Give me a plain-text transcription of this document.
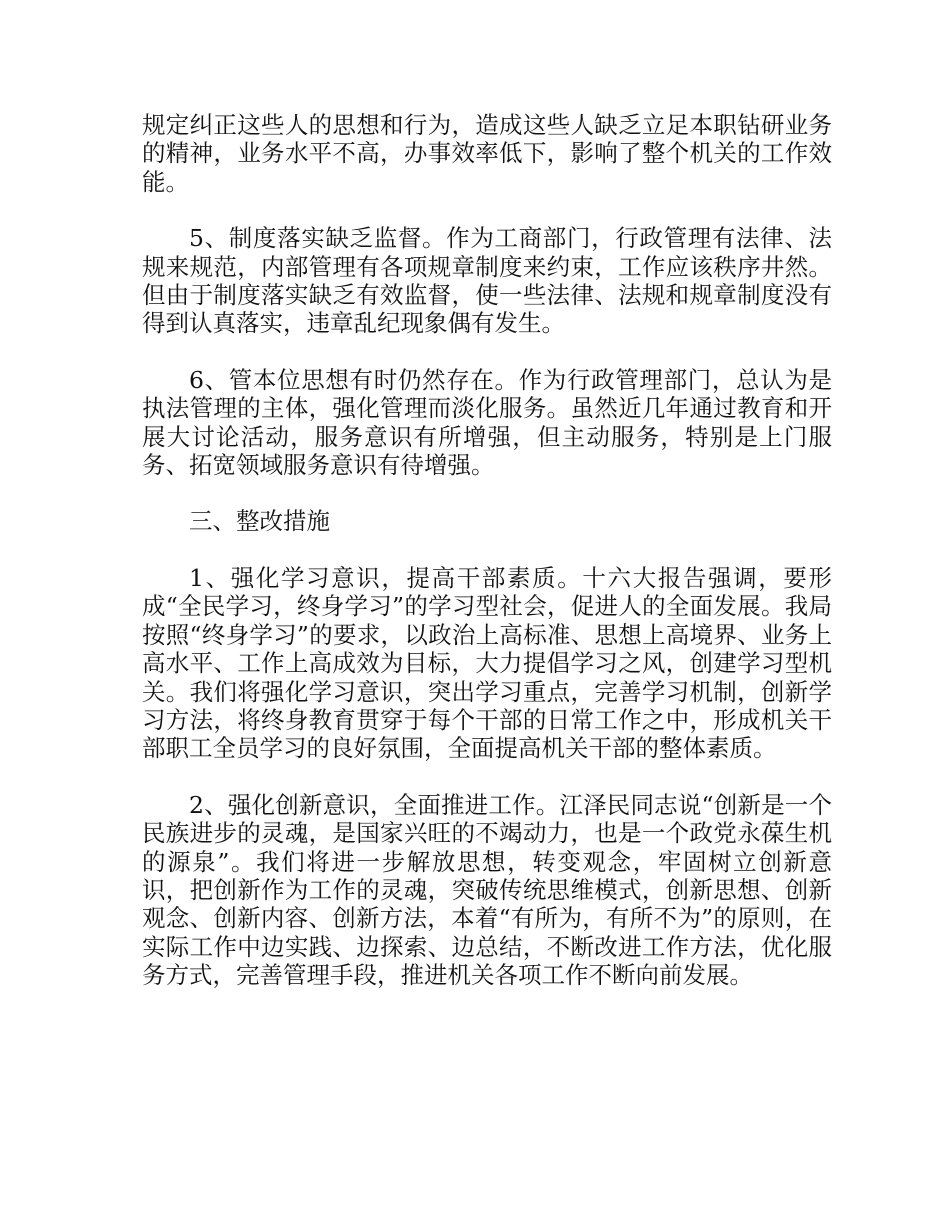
规定纠正这些人的思想和行为，造成这些人缺乏立足本职钻研业务的精神，业务水平不高，办事效率低下，影响了整个机关的工作效能。

5、制度落实缺乏监督。作为工商部门，行政管理有法律、法规来规范，内部管理有各项规章制度来约束，工作应该秩序井然。但由于制度落实缺乏有效监督，使一些法律、法规和规章制度没有得到认真落实，违章乱纪现象偶有发生。

6、管本位思想有时仍然存在。作为行政管理部门，总认为是执法管理的主体，强化管理而淡化服务。虽然近几年通过教育和开展大讨论活动，服务意识有所增强，但主动服务，特别是上门服务、拓宽领域服务意识有待增强。

三、整改措施

1、强化学习意识，提高干部素质。十六大报告强调，要形成“全民学习，终身学习”的学习型社会，促进人的全面发展。我局按照“终身学习”的要求，以政治上高标准、思想上高境界、业务上高水平、工作上高成效为目标，大力提倡学习之风，创建学习型机关。我们将强化学习意识，突出学习重点，完善学习机制，创新学习方法，将终身教育贯穿于每个干部的日常工作之中，形成机关干部职工全员学习的良好氛围，全面提高机关干部的整体素质。

2、强化创新意识，全面推进工作。江泽民同志说“创新是一个民族进步的灵魂，是国家兴旺的不竭动力，也是一个政党永葆生机的源泉”。我们将进一步解放思想，转变观念，牢固树立创新意识，把创新作为工作的灵魂，突破传统思维模式，创新思想、创新观念、创新内容、创新方法，本着“有所为，有所不为”的原则，在实际工作中边实践、边探索、边总结，不断改进工作方法，优化服务方式，完善管理手段，推进机关各项工作不断向前发展。
